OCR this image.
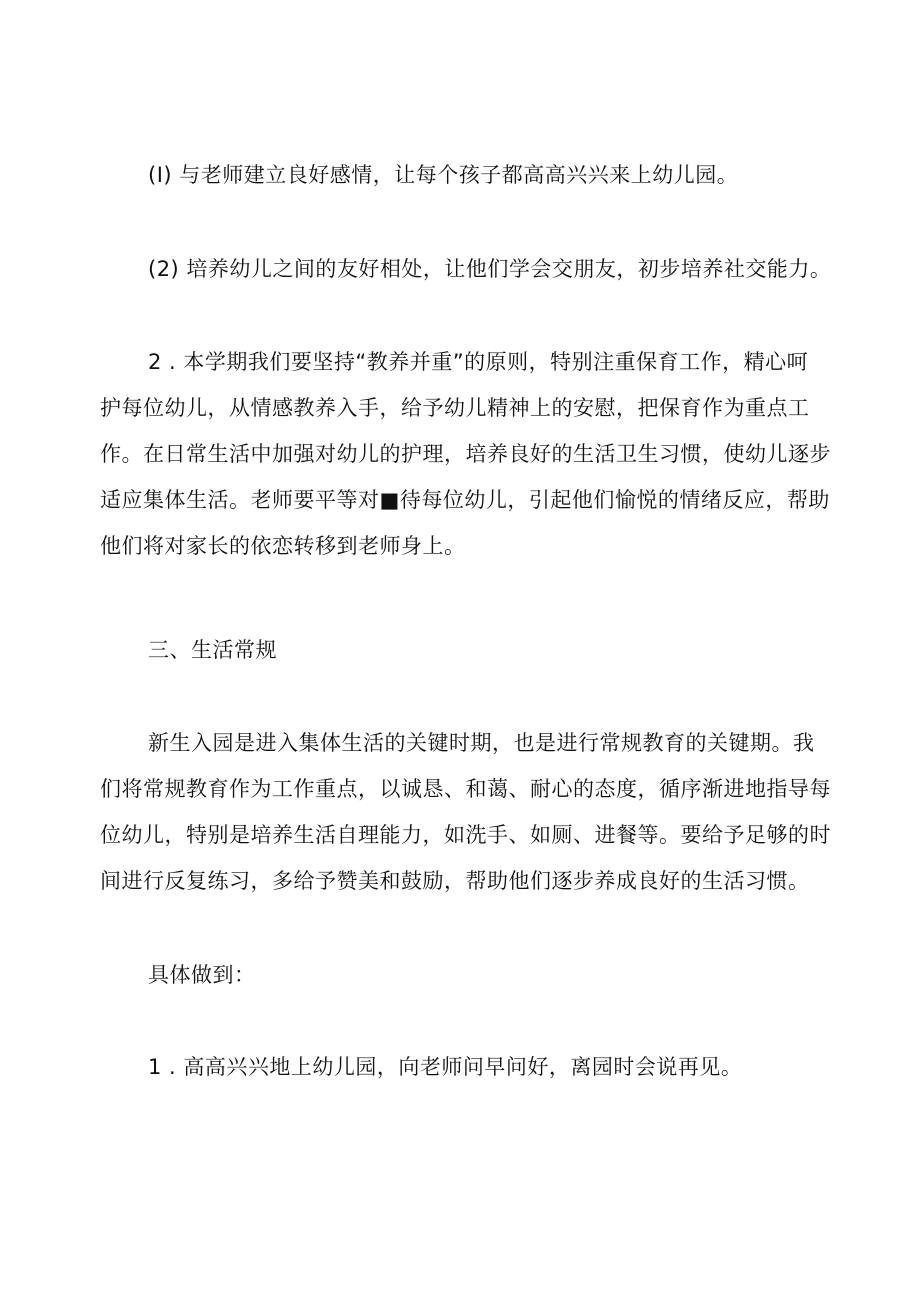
(I) 与老师建立良好感情，让每个孩子都高高兴兴来上幼儿园。

(2) 培养幼儿之间的友好相处，让他们学会交朋友，初步培养社交能力。

2 . 本学期我们要坚持“教养并重”的原则，特别注重保育工作，精心呵
护每位幼儿，从情感教养入手，给予幼儿精神上的安慰，把保育作为重点工
作。在日常生活中加强对幼儿的护理，培养良好的生活卫生习惯，使幼儿逐步
适应集体生活。老师要平等对■待每位幼儿，引起他们愉悦的情绪反应，帮助
他们将对家长的依恋转移到老师身上。

三、生活常规

新生入园是进入集体生活的关键时期，也是进行常规教育的关键期。我
们将常规教育作为工作重点，以诚恳、和蔼、耐心的态度，循序渐进地指导每
位幼儿，特别是培养生活自理能力，如洗手、如厕、进餐等。要给予足够的时
间进行反复练习，多给予赞美和鼓励，帮助他们逐步养成良好的生活习惯。

具体做到：

1 . 高高兴兴地上幼儿园，向老师问早问好，离园时会说再见。
